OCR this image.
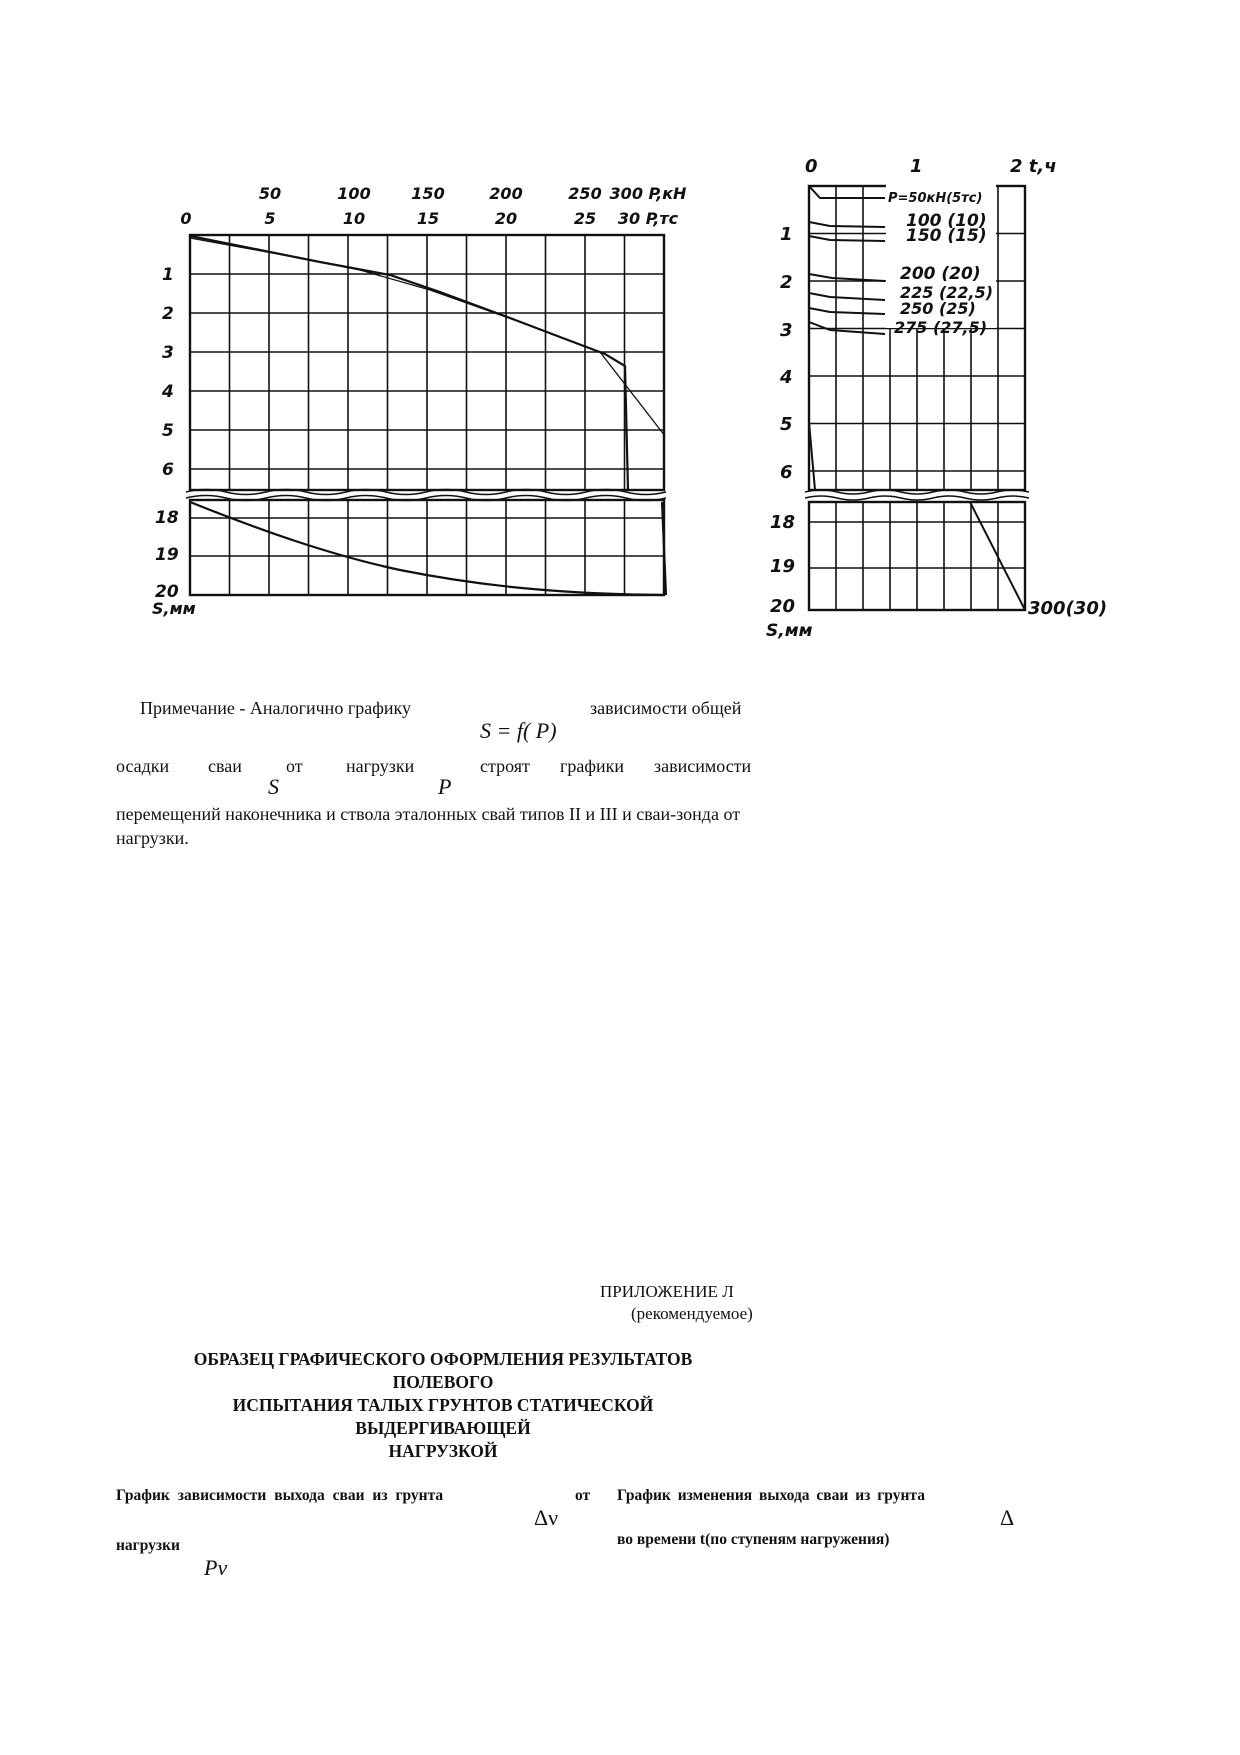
50	100	150	200	250 300 P,кН
0	5	10	15	20	25 30 P,тс
1
2
3
4
5
6
18
19
20
S,мм
0	1	2 t,ч
1
2
3
4
5
6
18
19
20
S,мм
P=50кН(5тс)
100 (10)
150 (15)
200 (20)
225 (22,5)
250 (25)
275 (27,5)
300(30)
Примечание - Аналогично графику
S = f( P)
зависимости общей
осадки сваи от нагрузки	строят графики зависимости
S	P
перемещений наконечника и ствола эталонных свай типов II и III и сваи-зонда от нагрузки.
ПРИЛОЖЕНИЕ Л
(рекомендуемое)
ОБРАЗЕЦ ГРАФИЧЕСКОГО ОФОРМЛЕНИЯ РЕЗУЛЬТАТОВ
ПОЛЕВОГО
ИСПЫТАНИЯ ТАЛЫХ ГРУНТОВ СТАТИЧЕСКОЙ
ВЫДЕРГИВАЮЩЕЙ
НАГРУЗКОЙ
График зависимости выхода сваи из грунта	от
Δν
нагрузки
Pν
График изменения выхода сваи из грунта
Δ
во времени t(по ступеням нагружения)
